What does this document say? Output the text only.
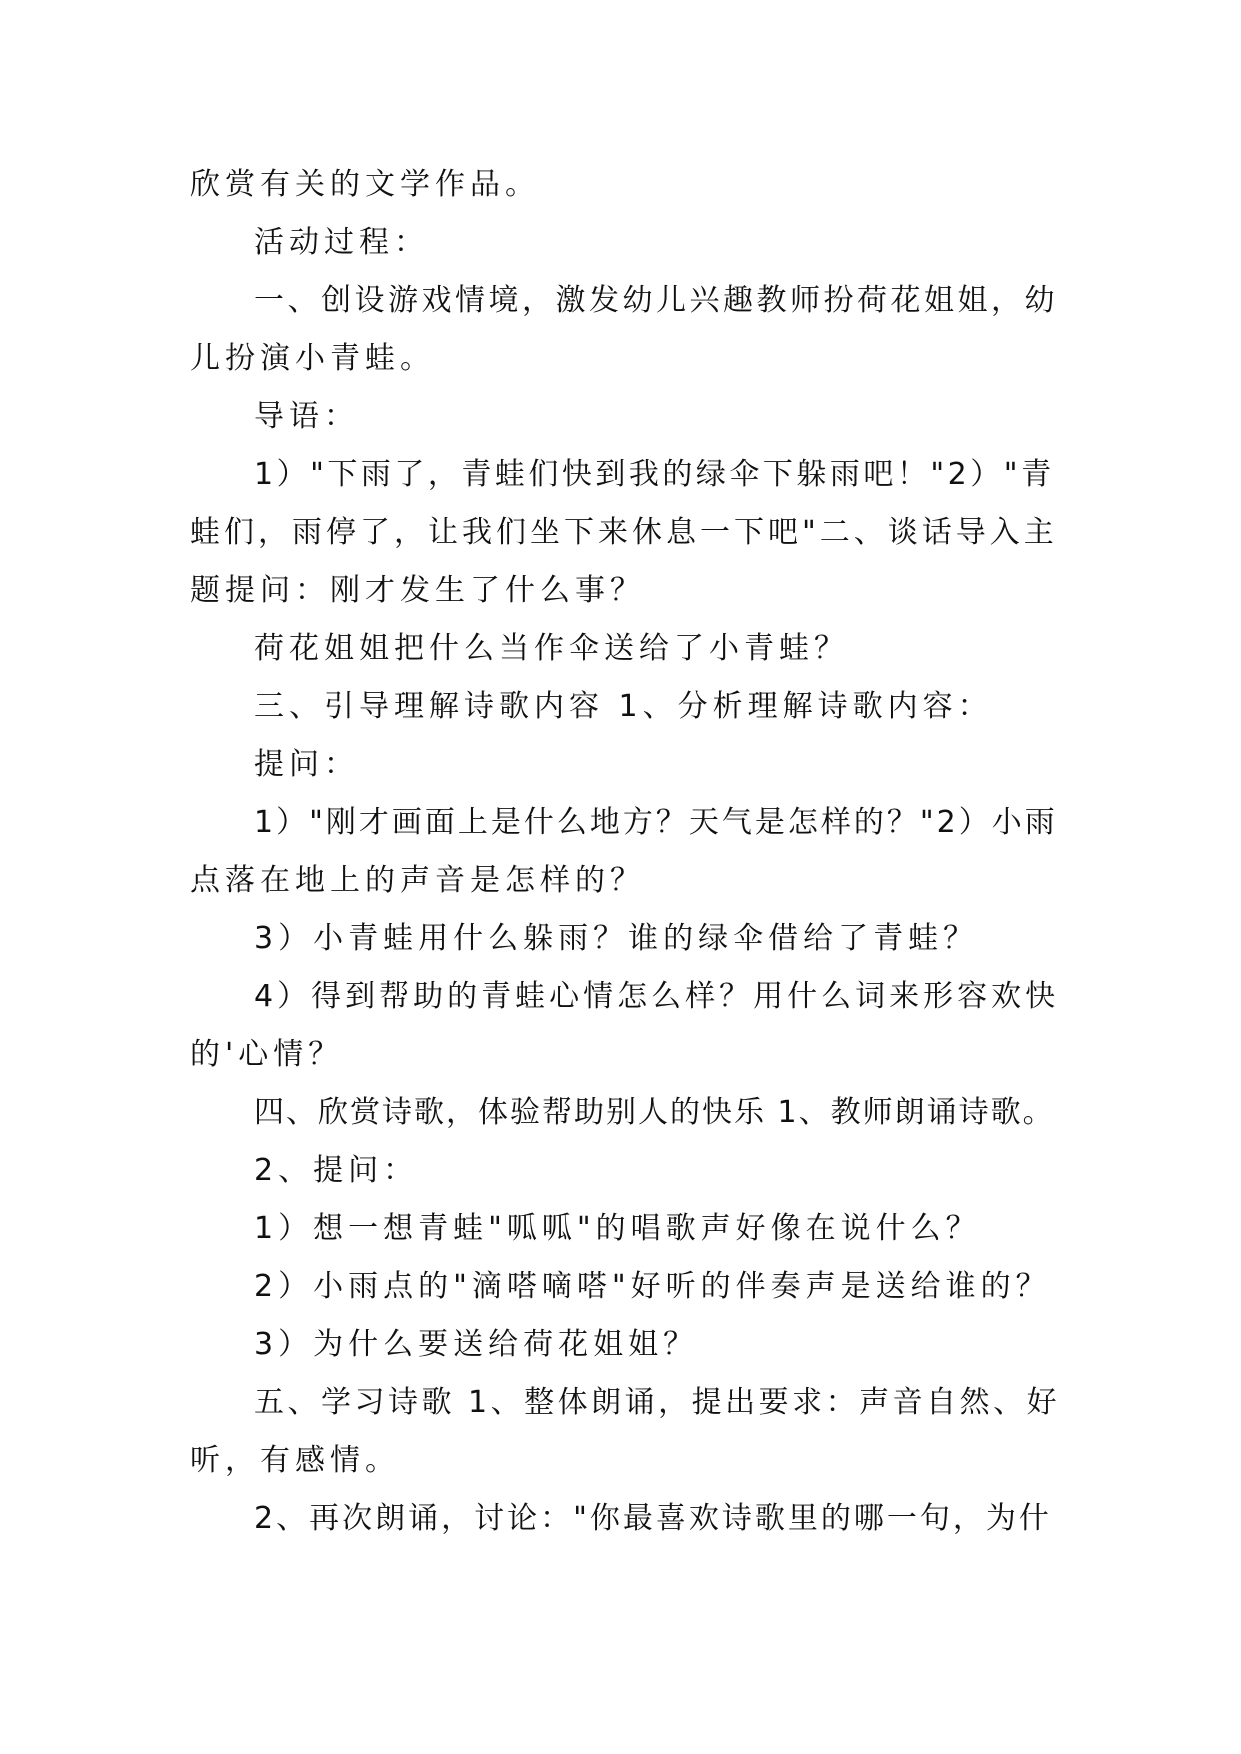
欣赏有关的文学作品。
活动过程：
一、创设游戏情境，激发幼儿兴趣教师扮荷花姐姐，幼
儿扮演小青蛙。
导语：
1）"下雨了，青蛙们快到我的绿伞下躲雨吧！"2）"青
蛙们，雨停了，让我们坐下来休息一下吧"二、谈话导入主
题提问：刚才发生了什么事？
荷花姐姐把什么当作伞送给了小青蛙？
三、引导理解诗歌内容 1、分析理解诗歌内容：
提问：
1）"刚才画面上是什么地方？天气是怎样的？"2）小雨
点落在地上的声音是怎样的？
3）小青蛙用什么躲雨？谁的绿伞借给了青蛙？
4）得到帮助的青蛙心情怎么样？用什么词来形容欢快
的'心情？
四、欣赏诗歌，体验帮助别人的快乐 1、教师朗诵诗歌。
2、提问：
1）想一想青蛙"呱呱"的唱歌声好像在说什么？
2）小雨点的"滴嗒嘀嗒"好听的伴奏声是送给谁的？
3）为什么要送给荷花姐姐？
五、学习诗歌 1、整体朗诵，提出要求：声音自然、好
听，有感情。
2、再次朗诵，讨论："你最喜欢诗歌里的哪一句，为什
